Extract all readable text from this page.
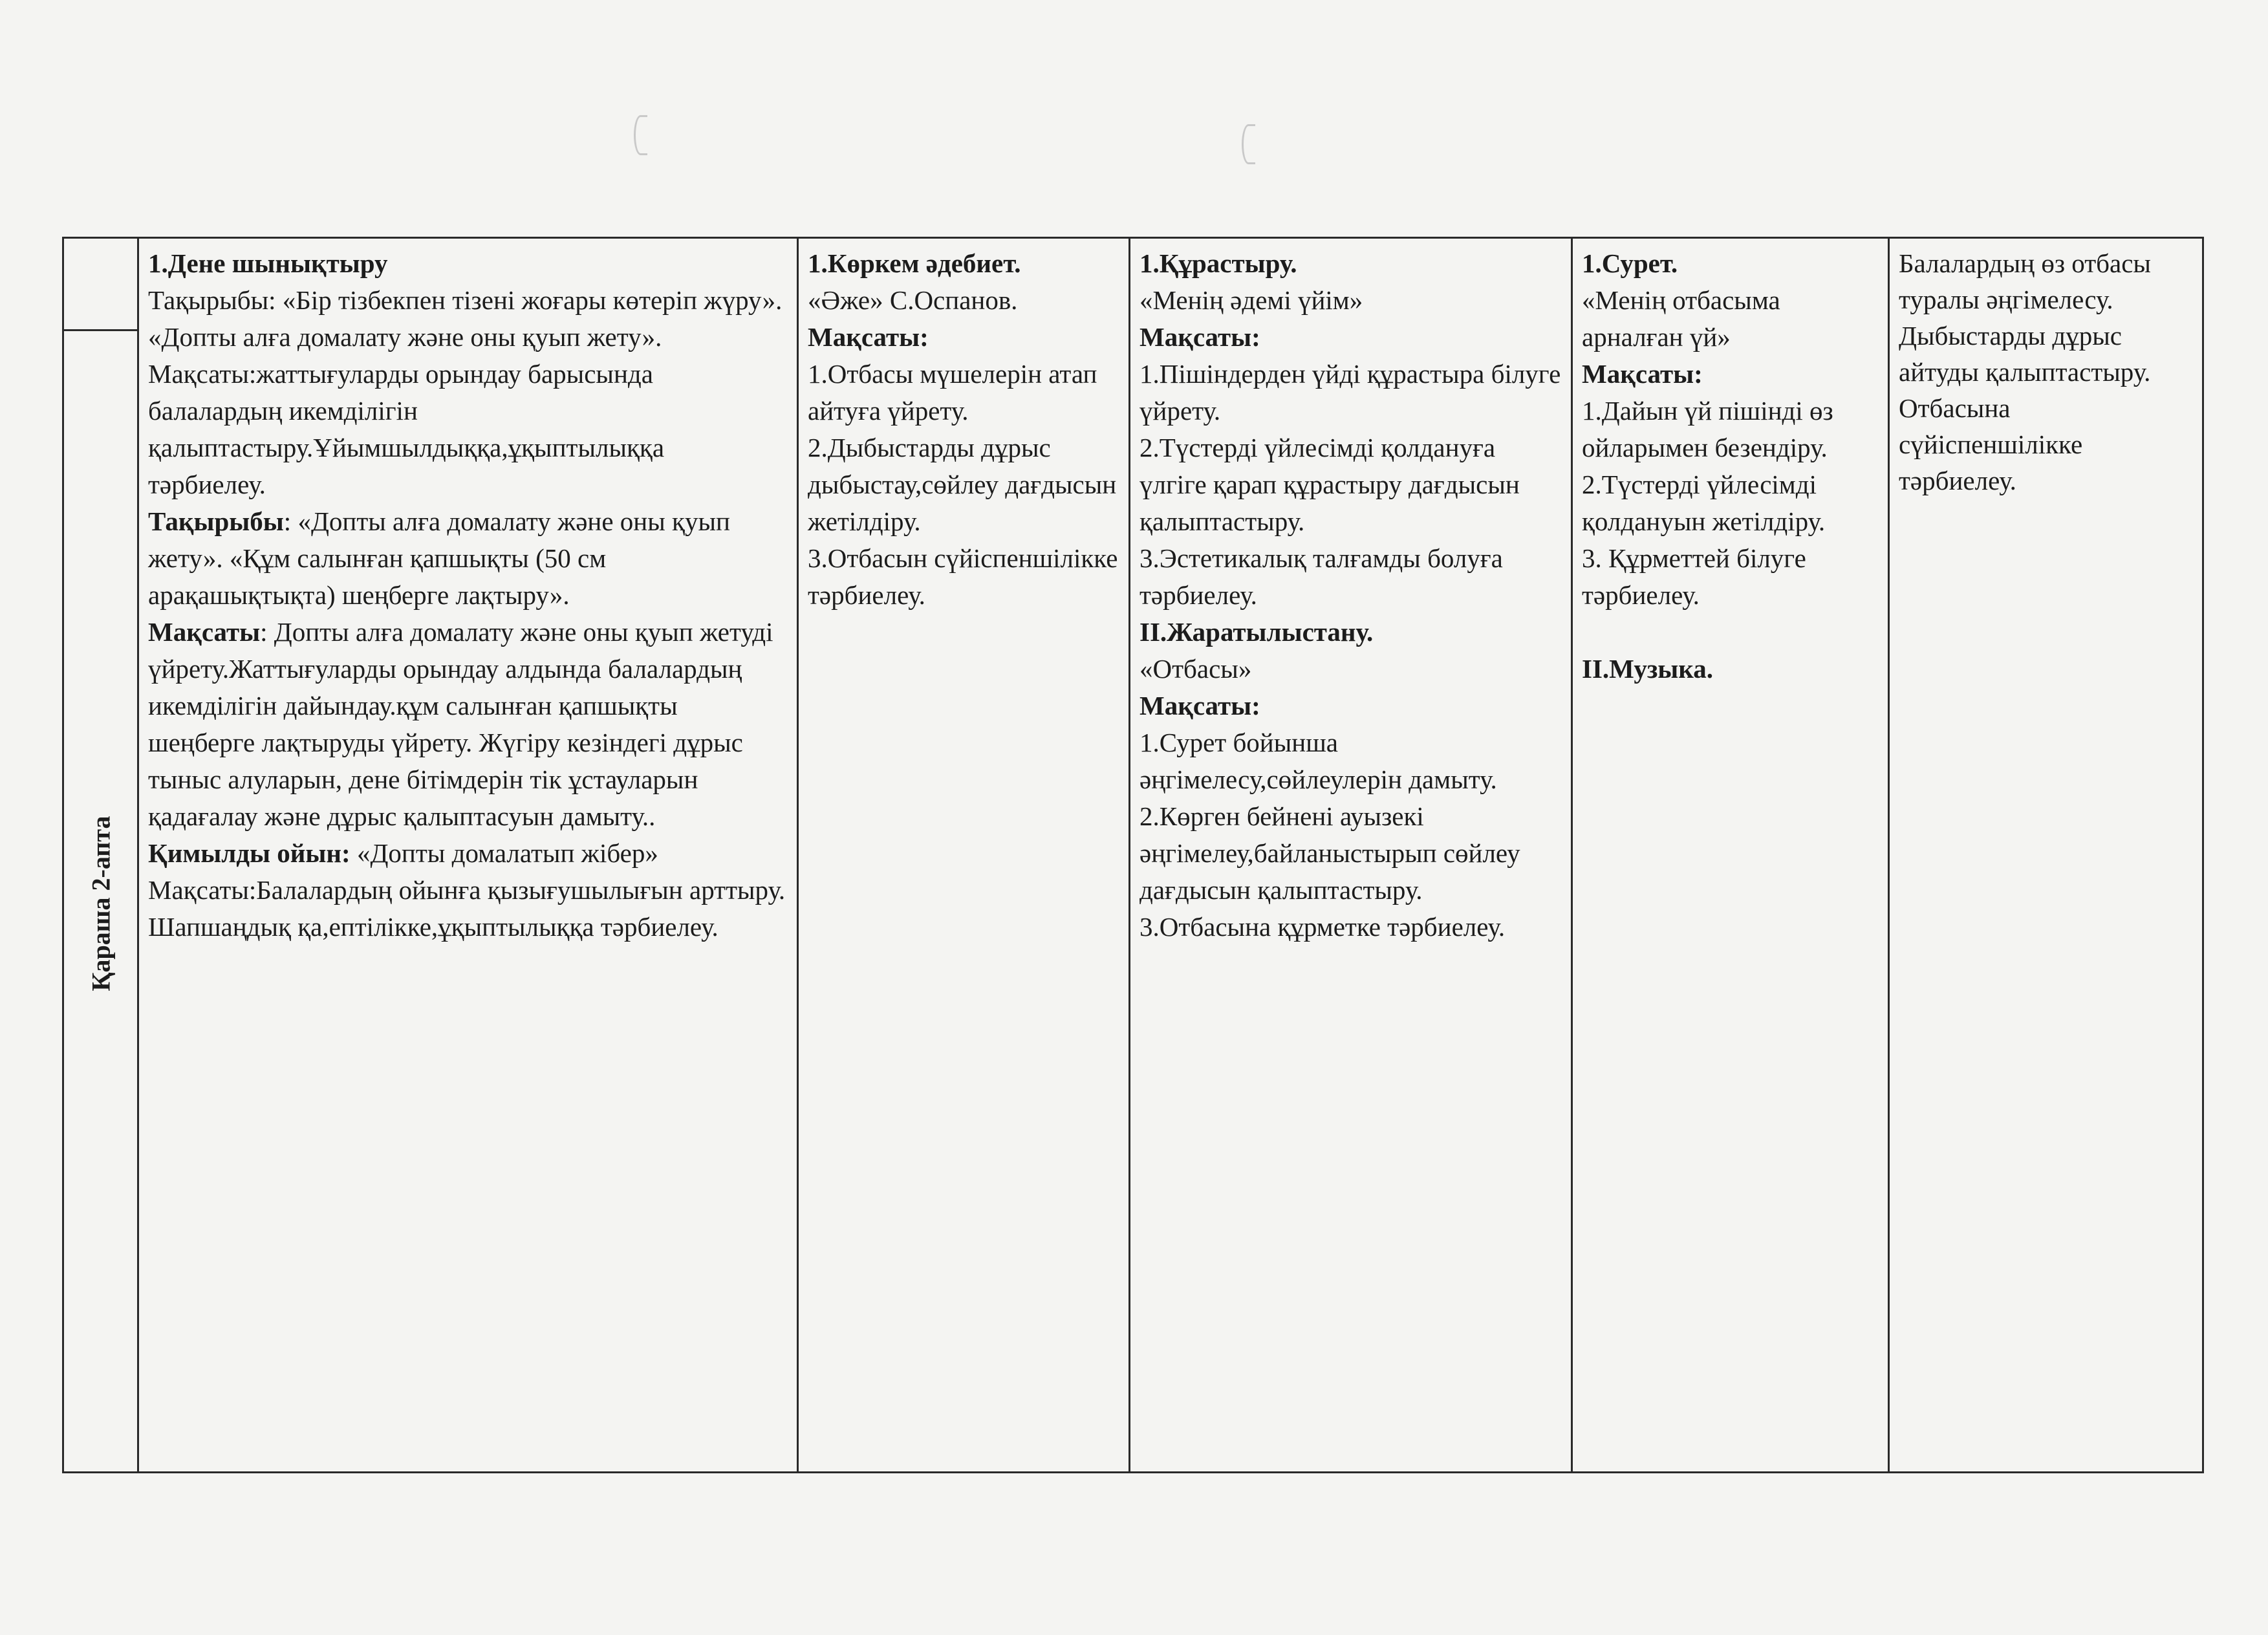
Қараша 2-апта

1.Дене шынықтыру

Тақырыбы: «Бір тізбекпен тізені жоғары көтеріп жүру». «Допты алға домалату және оны қуып жету».

Мақсаты:жаттығуларды орындау барысында балалардың икемділігін қалыптастыру.Ұйымшылдыққа,ұқыптылыққа тәрбиелеу.

Тақырыбы: «Допты алға домалату және оны қуып жету». «Құм салынған қапшықты (50 см арақашықтықта) шеңберге лақтыру».

Мақсаты: Допты алға домалату және оны қуып жетуді үйрету.Жаттығуларды орындау алдында балалардың икемділігін дайындау.құм салынған қапшықты шеңберге лақтыруды үйрету. Жүгіру кезіндегі дұрыс тыныс алуларын, дене бітімдерін тік ұстауларын қадағалау және дұрыс қалыптасуын дамыту..

Қимылды ойын: «Допты домалатып жібер»

Мақсаты:Балалардың ойынға қызығушылығын арттыру. Шапшаңдық қа,ептілікке,ұқыптылыққа тәрбиелеу.

1.Көркем әдебиет.

«Әже» С.Оспанов.

Мақсаты:

1.Отбасы мүшелерін атап айтуға үйрету.

2.Дыбыстарды дұрыс дыбыстау,сөйлеу дағдысын жетілдіру.

3.Отбасын сүйіспеншілікке тәрбиелеу.

1.Құрастыру.

«Менің әдемі үйім»

Мақсаты:

1.Пішіндерден үйді құрастыра білуге үйрету.

2.Түстерді үйлесімді қолдануға үлгіге қарап құрастыру дағдысын қалыптастыру.

3.Эстетикалық талғамды болуға тәрбиелеу.

ІІ.Жаратылыстану.

«Отбасы»

Мақсаты:

1.Сурет бойынша әңгімелесу,сөйлеулерін дамыту.

2.Көрген бейнені ауызекі әңгімелеу,байланыстырып сөйлеу дағдысын қалыптастыру.

3.Отбасына құрметке тәрбиелеу.

1.Сурет.

«Менің отбасыма арналған үй»

Мақсаты:

1.Дайын үй пішінді өз ойларымен безендіру.

2.Түстерді үйлесімді қолдануын жетілдіру.

3. Құрметтей білуге тәрбиелеу.

ІІ.Музыка.

Балалардың өз отбасы туралы әңгімелесу. Дыбыстарды дұрыс айтуды қалыптастыру. Отбасына сүйіспеншілікке тәрбиелеу.
